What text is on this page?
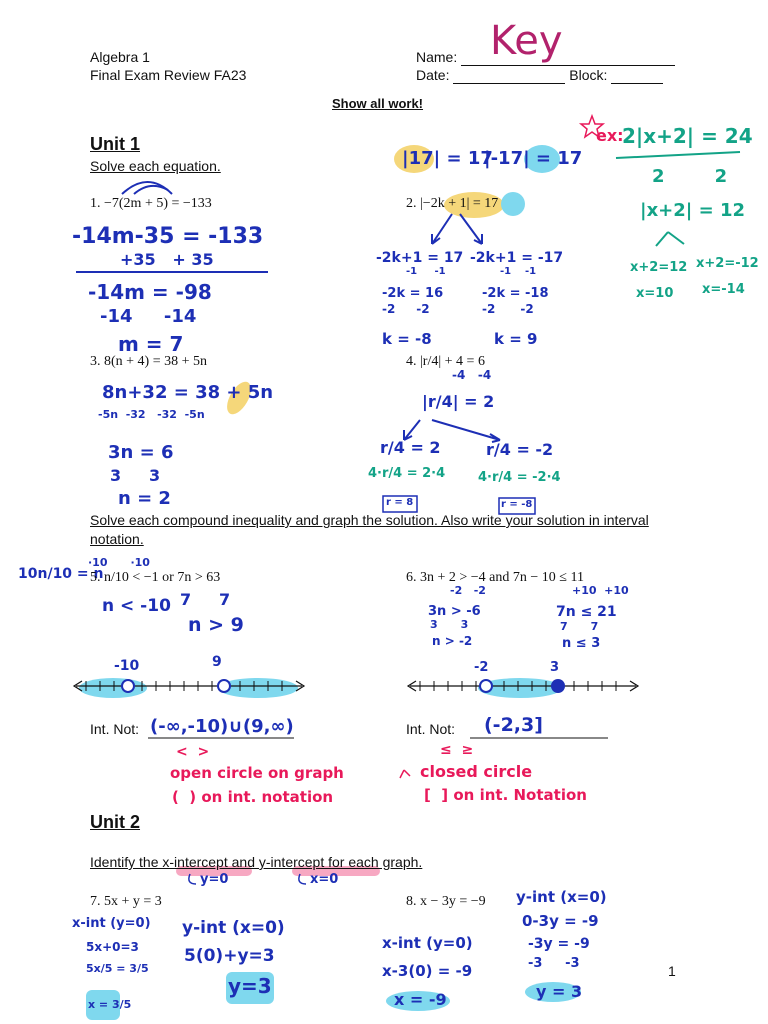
Algebra 1
Final Exam Review FA23
Name:
Date:	Block:
Key
Show all work!
Unit 1
Solve each equation.
1. −7(2m + 5) = −133
-14m-35 = -133
+35   + 35
-14m = -98
-14     -14
m = 7
|17| = 17
|-17| = 17
2. |−2k + 1| = 17
-2k+1 = 17
-1     -1
-2k = 16
-2     -2
k = -8
-2k+1 = -17
-1    -1
-2k = -18
-2      -2
k = 9
ex:
2|x+2| = 24
2        2
|x+2| = 12
x+2=12
x=10
x+2=-12
x=-14
3. 8(n + 4) = 38 + 5n
8n+32 = 38 + 5n
-5n  -32   -32  -5n
3n = 6
3     3
n = 2
4. |r/4| + 4 = 6
-4   -4
|r/4| = 2
r/4 = 2	r/4 = -2
4·r/4 = 2·4	4·r/4 = -2·4
r = 8	r = -8
Solve each compound inequality and graph the solution. Also write your solution in interval notation.
10n/10 = n
·10      ·10
5. n/10 < −1 or 7n > 63
n < -10 7     7
n > 9
-10	9
Int. Not: (-∞,-10)∪(9,∞)
<  >
open circle on graph
(  ) on int. notation
6. 3n + 2 > −4 and 7n − 10 ≤ 11
-2   -2	+10  +10
3n > -6
3      3
n > -2
7n ≤ 21
7      7
n ≤ 3
-2	3
Int. Not: (-2,3]
≤  ≥
closed circle
[  ] on int. Notation
Unit 2
Identify the x-intercept and y-intercept for each graph.
y=0	x=0
7. 5x + y = 3
x-int (y=0)
5x+0=3
5x/5 = 3/5
x = 3/5
y-int (x=0)
5(0)+y=3
y=3
8. x − 3y = −9
x-int (y=0)
x-3(0) = -9
x = -9
y-int (x=0)
0-3y = -9
-3y = -9
-3     -3
y = 3
1
